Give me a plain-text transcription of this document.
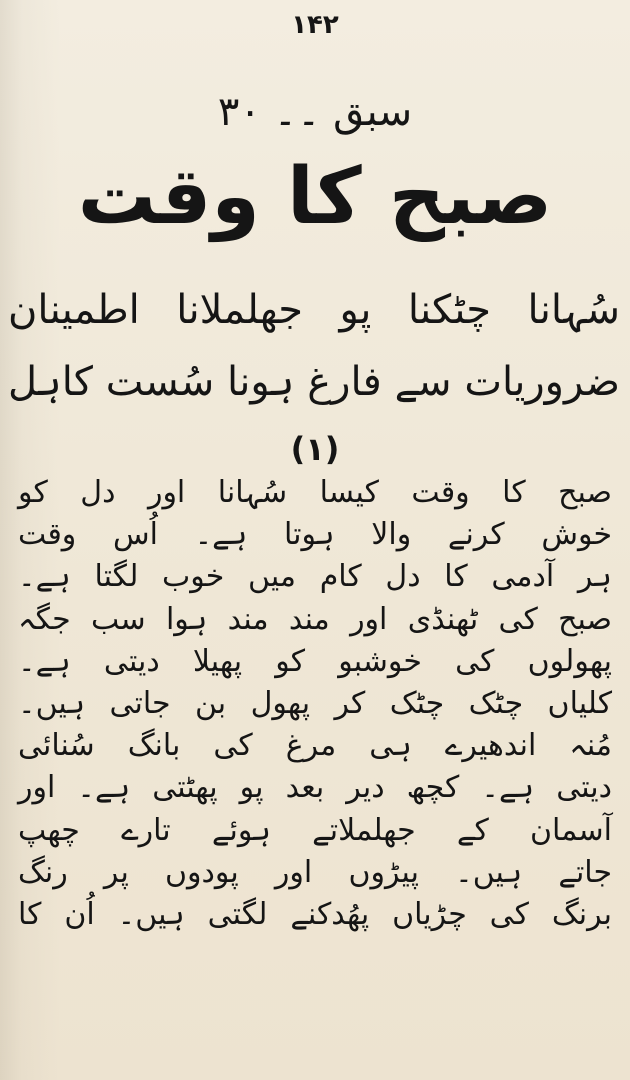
۱۴۲
سبق ۔۔ ۳۰
صبح کا وقت
سُہانا چٹکنا پو جھلملانا اطمینان
ضروریات سے فارغ ہونا سُست کاہل
(۱)
صبح کا وقت کیسا سُہانا اور دل کو
خوش کرنے والا ہوتا ہے۔ اُس وقت
ہر آدمی کا دل کام میں خوب لگتا ہے۔
صبح کی ٹھنڈی اور مند مند ہوا سب جگہ
پھولوں کی خوشبو کو پھیلا دیتی ہے۔
کلیاں چٹک چٹک کر پھول بن جاتی ہیں۔
مُنہ اندھیرے ہی مرغ کی بانگ سُنائی
دیتی ہے۔ کچھ دیر بعد پو پھٹتی ہے۔ اور
آسمان کے جھلملاتے ہوئے تارے چھپ
جاتے ہیں۔ پیڑوں اور پودوں پر رنگ
برنگ کی چڑیاں پھُدکنے لگتی ہیں۔ اُن کا
